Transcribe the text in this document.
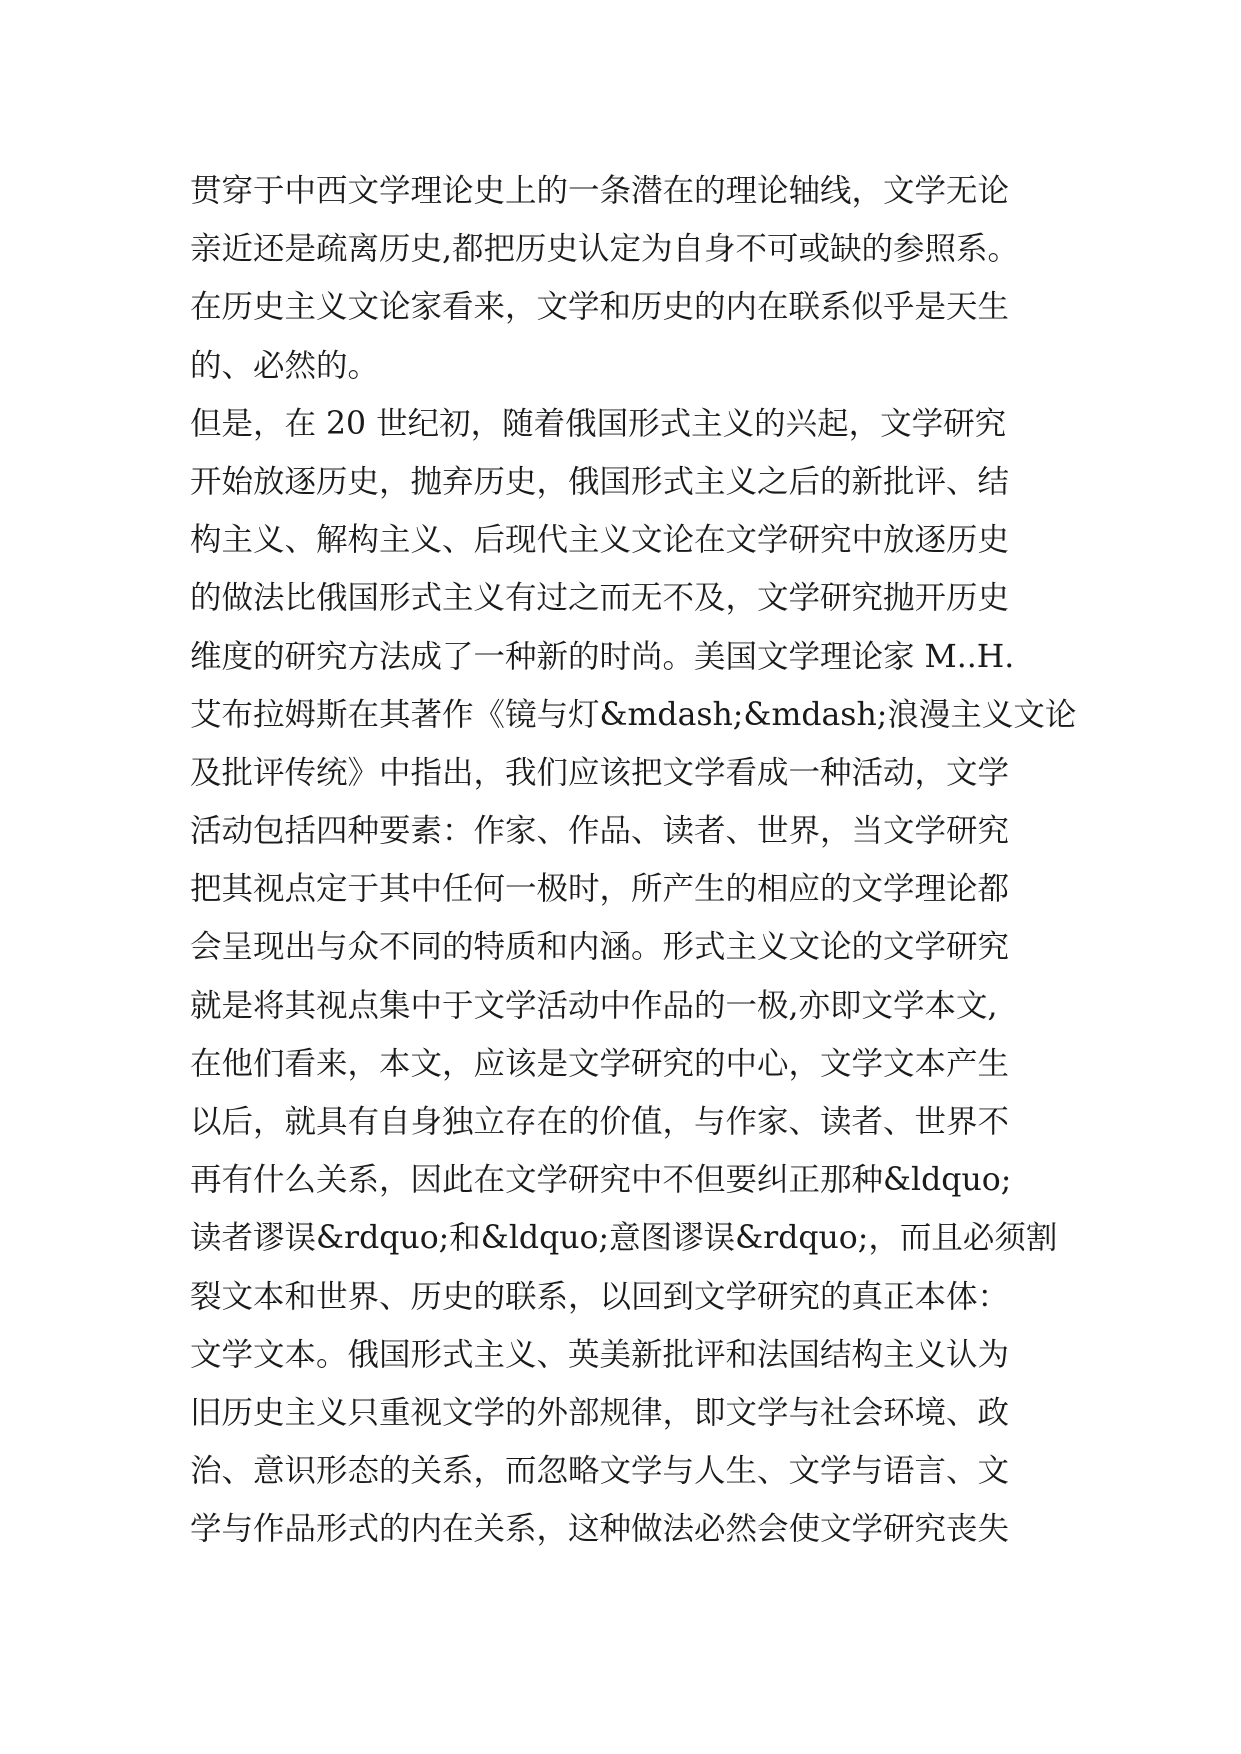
贯穿于中西文学理论史上的一条潜在的理论轴线，文学无论
亲近还是疏离历史,都把历史认定为自身不可或缺的参照系。
在历史主义文论家看来，文学和历史的内在联系似乎是天生
的、必然的。

但是，在 20 世纪初，随着俄国形式主义的兴起，文学研究
开始放逐历史，抛弃历史，俄国形式主义之后的新批评、结
构主义、解构主义、后现代主义文论在文学研究中放逐历史
的做法比俄国形式主义有过之而无不及，文学研究抛开历史
维度的研究方法成了一种新的时尚。美国文学理论家 M..H.
艾布拉姆斯在其著作《镜与灯&mdash;&mdash;浪漫主义文论
及批评传统》中指出，我们应该把文学看成一种活动，文学
活动包括四种要素：作家、作品、读者、世界，当文学研究
把其视点定于其中任何一极时，所产生的相应的文学理论都
会呈现出与众不同的特质和内涵。形式主义文论的文学研究
就是将其视点集中于文学活动中作品的一极,亦即文学本文,
在他们看来，本文，应该是文学研究的中心，文学文本产生
以后，就具有自身独立存在的价值，与作家、读者、世界不
再有什么关系，因此在文学研究中不但要纠正那种&ldquo;
读者谬误&rdquo;和&ldquo;意图谬误&rdquo;，而且必须割
裂文本和世界、历史的联系，以回到文学研究的真正本体：
文学文本。俄国形式主义、英美新批评和法国结构主义认为
旧历史主义只重视文学的外部规律，即文学与社会环境、政
治、意识形态的关系，而忽略文学与人生、文学与语言、文
学与作品形式的内在关系，这种做法必然会使文学研究丧失
